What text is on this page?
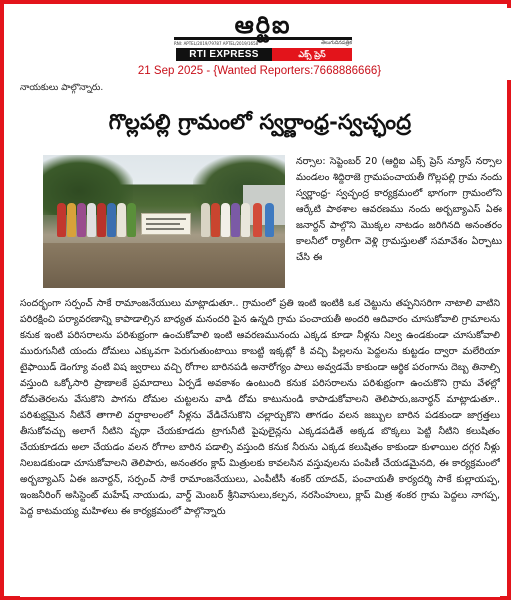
ఆర్టిఐ
RNI: APTEL/2019/79787 APTEL/2019/1658	తెలుగుదినపత్రిక
RTI EXPRESS	ఎక్స్ ప్రెస్
21 Sep 2025 - {Wanted Reporters:7668886666}
నాయకులు పాల్గొన్నారు.
గొల్లపల్లి గ్రామంలో స్వర్ణాంధ్ర-స్వచ్ఛంద్ర
నర్సాల: సెప్టెంబర్ 20 (ఆర్టిఐ ఎక్స్ ప్రెస్ న్యూస్ నర్సాల మండలం శిద్దిరాజె గ్రామపంచాయతీ గొల్లపల్లి గ్రామ నందు స్వర్ణాంధ్ర- స్వచ్ఛంద్ర కార్యక్రమంలో భాగంగా గ్రామంలోని ఆర్కేటి పాఠశాల ఆవరణము నందు అర్బబ్యాఎస్ ఏఈ జనార్దన్ పాల్గొని మొక్కల నాటడం జరిగినది అనంతరం కాలనీలో ర్యాలీగా వెళ్లి గ్రామస్తులతో సమావేశం ఏర్పాటు చేసి ఈ
సందర్భంగా సర్పంచ్ సాకే రామాంజనేయులు మాట్లాడుతూ.. గ్రామంలో ప్రతి ఇంటి ఇంటికి ఒక చెట్టును తప్పనిసరిగా నాటాలి వాటిని పరిరక్షించి పర్యావరణాన్ని కాపాడాల్సిన బాధ్యత మనందరి పైన ఉన్నది గ్రామ పంచాయతీ అందరి ఆదివారం చూసుకోవాలి గ్రామాలను కనుక ఇంటి పరిసరాలను పరిశుభ్రంగా ఉంచుకోవాలి ఇంటి ఆవరణమునందు ఎక్కడ కూడా నీళ్లను నిల్వ ఉండకుండా చూసుకోవాలి మురుగునీటి యందు దోమలు ఎక్కువగా పెరుగుతుంటాయి కాబట్టి ఇక్కట్లో కి వచ్చి పిల్లలను పెద్దలను కుట్టడం ద్వారా మలేరియా టైఫాయిడ్ డెంగ్యూ వంటి విష జ్వరాలు వచ్చి రోగాల బారినపడి అనారోగ్యం పాలు అవ్వడమే కాకుండా ఆర్థిక పరంగాను దెబ్బ తినాల్సి వస్తుంది ఒక్కోసారి ప్రాణాలకే ప్రమాదాలు ఏర్పడే అవకాశం ఉంటుంది కనుక పరిసరాలను పరిశుభ్రంగా ఉంచుకొని గ్రామ వేళల్లో దోమతెరలను వేసుకొని పాగను దోమల చుట్టలను వాడి దోమ కాటునుండి కాపాడుకోవాలని తెలిపారు,జనార్ధన్ మాట్లాడుతూ.. పరిశుభ్రమైన నీటినే తాగాలి వర్షాకాలంలో నీళ్లను వేడిచేసుకొని చల్లార్చుకొని తాగడం వలన జబ్బుల బారిన పడకుండా జాగ్రత్తలు తీసుకోవచ్చు అలాగే నీటిని వృధా చేయకూడదు ట్రాగునీటి పైపులైన్లను ఎక్కడపడితే అక్కడ బొక్కలు పెట్టి నీటిని కలుషితం చేయకూడదు అలా చేయడం వలన రోగాల బారిన పడాల్సి వస్తుంది కనుక నీరును ఎక్కడ కలుషితం కాకుండా కుళాయిల దగ్గర నీళ్లు నిలబడకుండా చూసుకోవాలని తెలిపారు, అనంతరం క్లాప్ మిత్రులకు కావలసిన వస్తువులను పంపిణీ చేయడమైనది, ఈ కార్యక్రమంలో అర్బబ్యాఎస్ ఏఈ జనార్దన్, సర్పంచ్ సాకే రామాంజనేయులు, ఎంపీటీసీ శంకర్ యాదవ్, పంచాయతీ కార్యదర్శి సాకే కుల్లాయప్ప, ఇంజనీరింగ్ అసిస్టెంట్ మహేష్ నాయుడు, వార్డ్ మెంబర్ శ్రీనివాసులు,కల్పన, నరసింహులు, క్లాప్ మిత్ర శంకర గ్రామ పెద్దలు నాగప్ప, పెద్ద కాటమయ్య మహిళలు ఈ కార్యక్రమంలో పాల్గొన్నారు
